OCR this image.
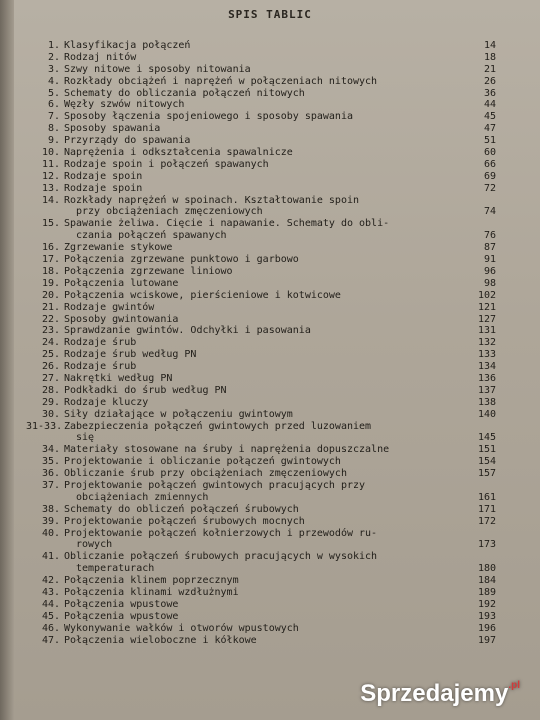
SPIS TABLIC
1. Klasyfikacja połączeń	14
2. Rodzaj nitów	18
3. Szwy nitowe i sposoby nitowania	21
4. Rozkłady obciążeń i naprężeń w połączeniach nitowych	26
5. Schematy do obliczania połączeń nitowych	36
6. Węzły szwów nitowych	44
7. Sposoby łączenia spojeniowego i sposoby spawania	45
8. Sposoby spawania	47
9. Przyrządy do spawania	51
10. Naprężenia i odkształcenia spawalnicze	60
11. Rodzaje spoin i połączeń spawanych	66
12. Rodzaje spoin	69
13. Rodzaje spoin	72
14. Rozkłady naprężeń w spoinach. Kształtowanie spoin
przy obciążeniach zmęczeniowych	74
15. Spawanie żeliwa. Cięcie i napawanie. Schematy do obli-
czania połączeń spawanych	76
16. Zgrzewanie stykowe	87
17. Połączenia zgrzewane punktowo i garbowo	91
18. Połączenia zgrzewane liniowo	96
19. Połączenia lutowane	98
20. Połączenia wciskowe, pierścieniowe i kotwicowe	102
21. Rodzaje gwintów	121
22. Sposoby gwintowania	127
23. Sprawdzanie gwintów. Odchyłki i pasowania	131
24. Rodzaje śrub	132
25. Rodzaje śrub według PN	133
26. Rodzaje śrub	134
27. Nakrętki według PN	136
28. Podkładki do śrub według PN	137
29. Rodzaje kluczy	138
30. Siły działające w połączeniu gwintowym	140
31-33. Zabezpieczenia połączeń gwintowych przed luzowaniem
się	145
34. Materiały stosowane na śruby i naprężenia dopuszczalne	151
35. Projektowanie i obliczanie połączeń gwintowych	154
36. Obliczanie śrub przy obciążeniach zmęczeniowych	157
37. Projektowanie połączeń gwintowych pracujących przy
obciążeniach zmiennych	161
38. Schematy do obliczeń połączeń śrubowych	171
39. Projektowanie połączeń śrubowych mocnych	172
40. Projektowanie połączeń kołnierzowych i przewodów ru-
rowych	173
41. Obliczanie połączeń śrubowych pracujących w wysokich
temperaturach	180
42. Połączenia klinem poprzecznym	184
43. Połączenia klinami wzdłużnymi	189
44. Połączenia wpustowe	192
45. Połączenia wpustowe	193
46. Wykonywanie wałków i otworów wpustowych	196
47. Połączenia wieloboczne i kółkowe	197
Sprzedajemy$^{.pl}$
